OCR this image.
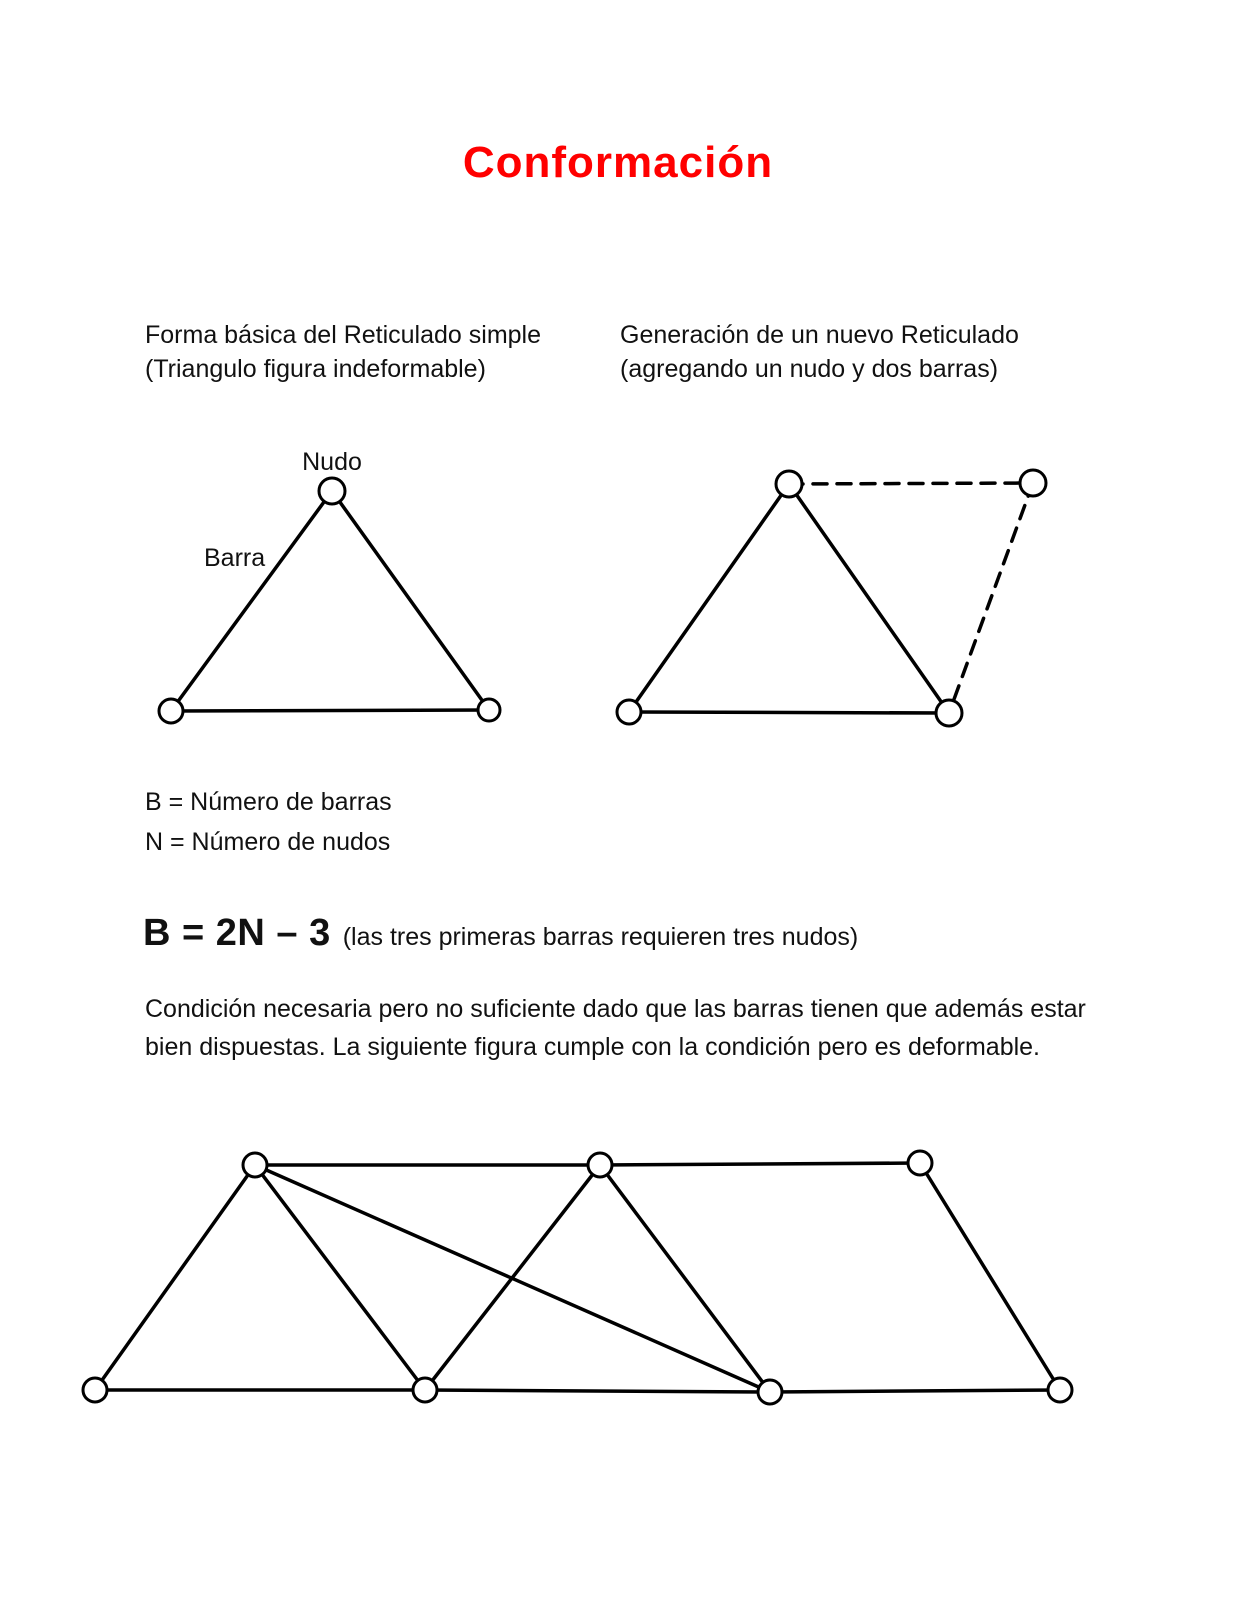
Conformación
Forma básica del Reticulado simple
(Triangulo figura indeformable)
Generación de un nuevo Reticulado
(agregando un nudo y dos barras)
Nudo
Barra
B = Número de barras
N = Número de nudos
B = 2N – 3 (las tres primeras barras requieren tres nudos)
Condición necesaria pero no suficiente dado que las barras tienen que además estar
bien dispuestas. La siguiente figura cumple con la condición pero es deformable.
